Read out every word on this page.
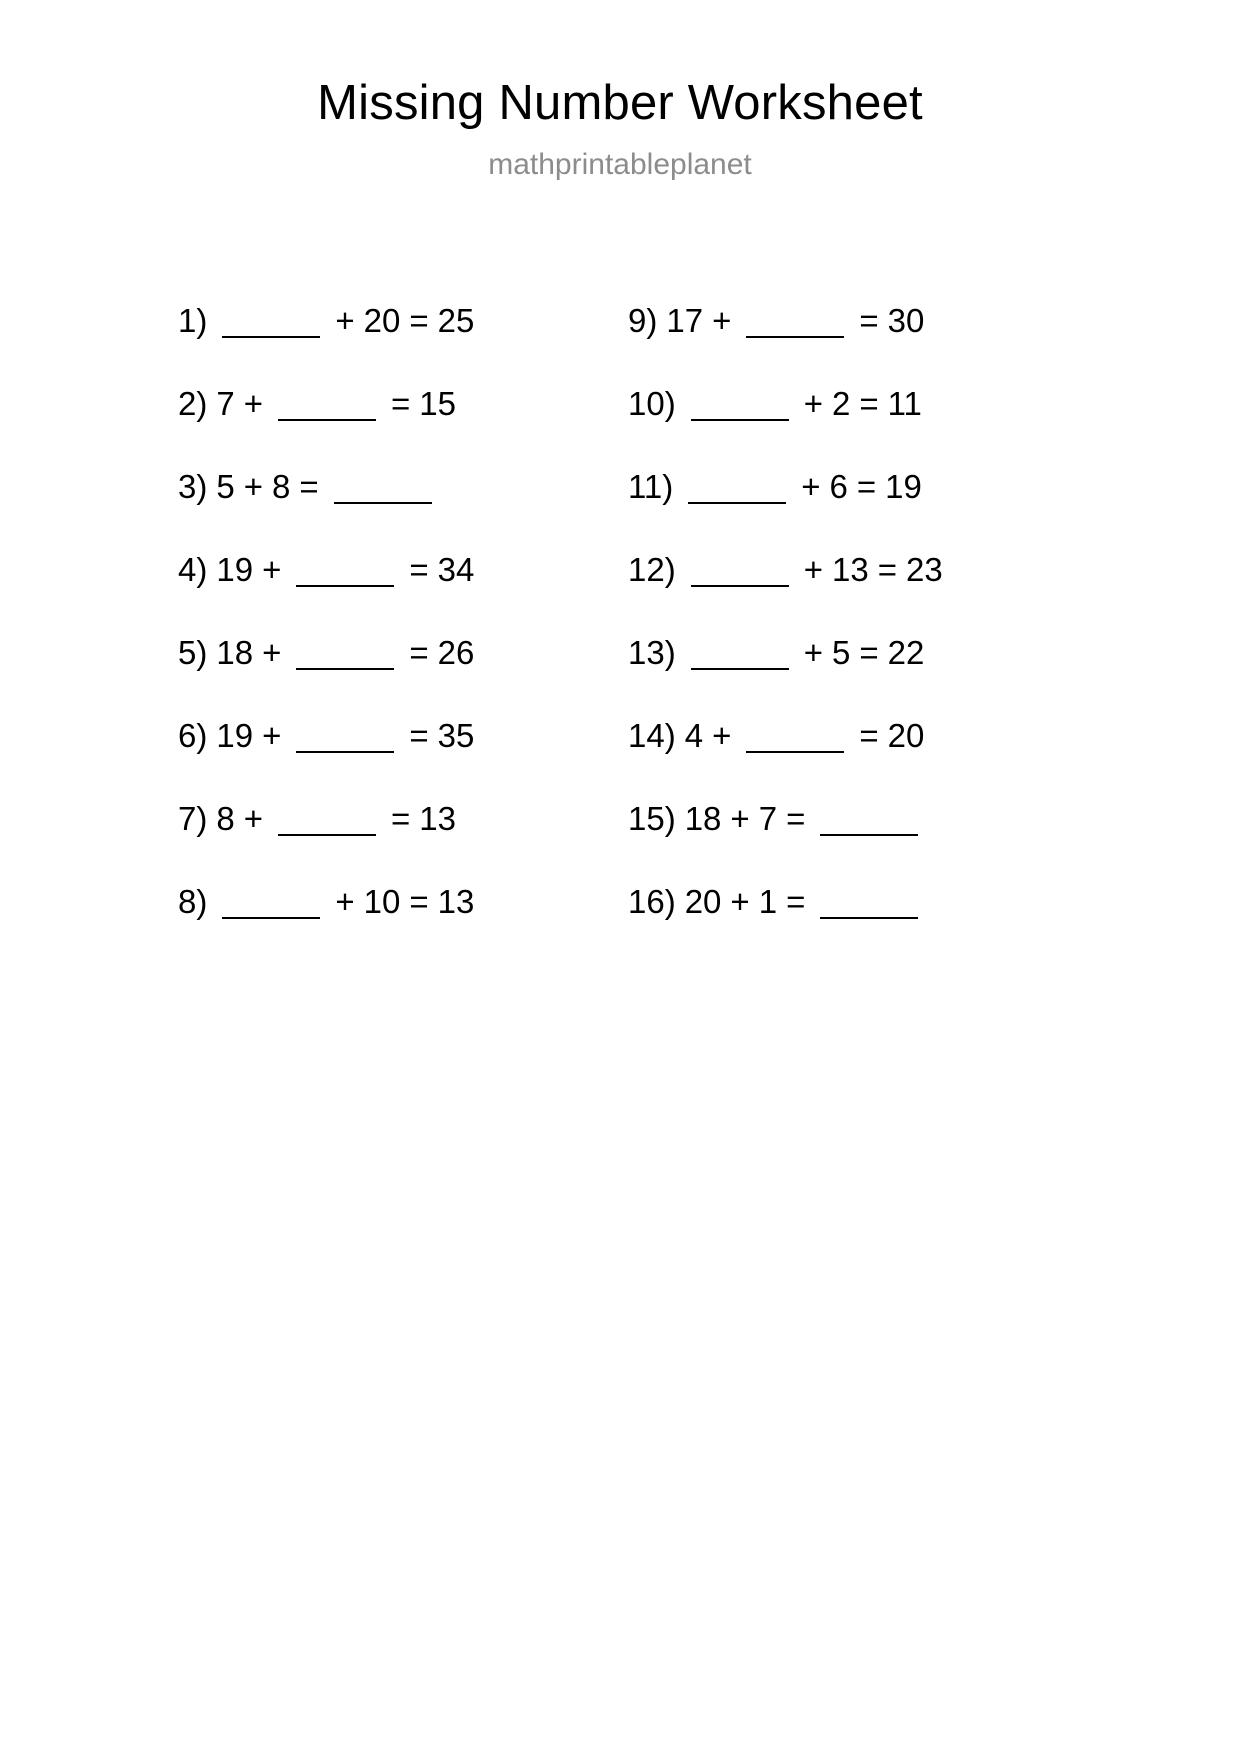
Missing Number Worksheet
mathprintableplanet
1)	+ 20 = 25
2) 7 +	= 15
3) 5 + 8 =
4) 19 +	= 34
5) 18 +	= 26
6) 19 +	= 35
7) 8 +	= 13
8)	+ 10 = 13
9) 17 +	= 30
10)	+ 2 = 11
11)	+ 6 = 19
12)	+ 13 = 23
13)	+ 5 = 22
14) 4 +	= 20
15) 18 + 7 =
16) 20 + 1 =
